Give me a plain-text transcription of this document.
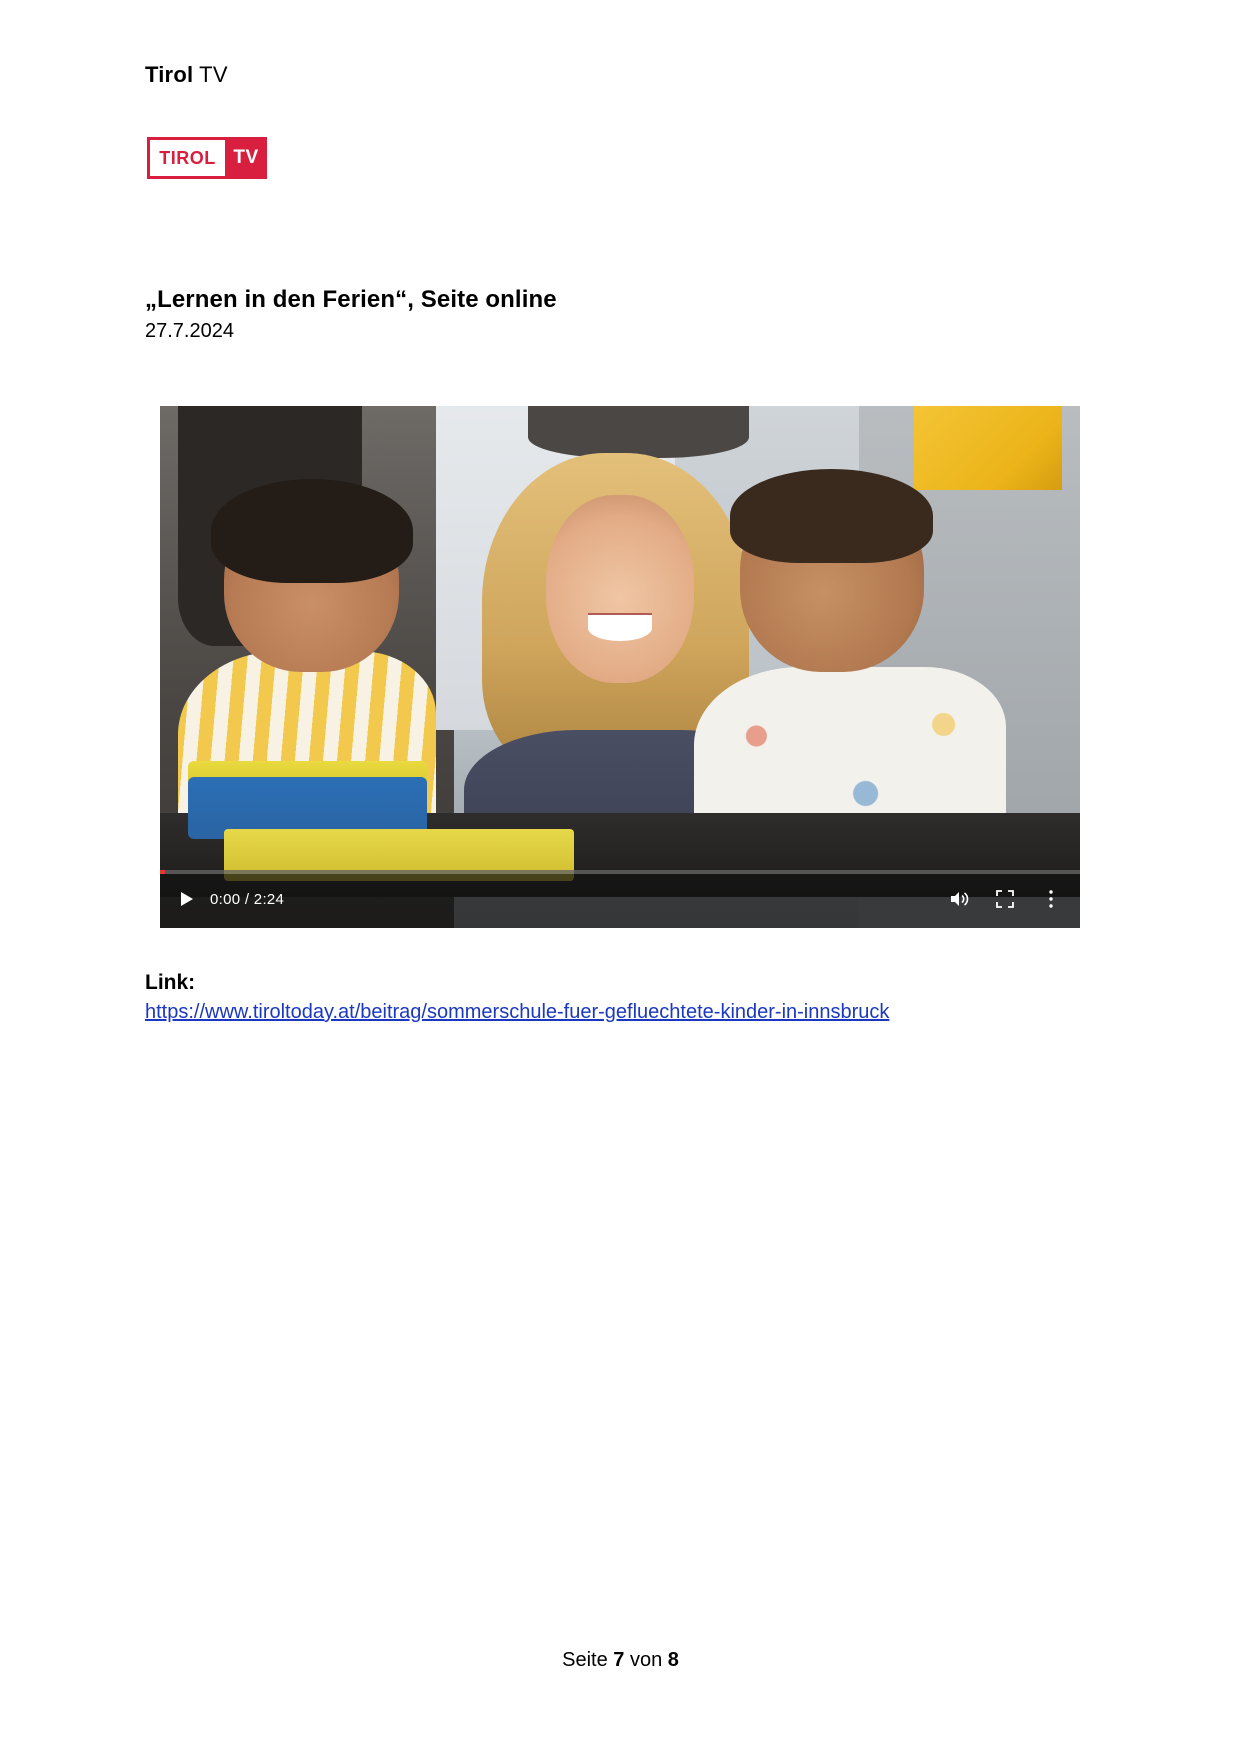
Tirol TV
TIROL TV
„Lernen in den Ferien“, Seite online
27.7.2024
0:00 / 2:24
Link:
https://www.tiroltoday.at/beitrag/sommerschule-fuer-gefluechtete-kinder-in-innsbruck
Seite 7 von 8
